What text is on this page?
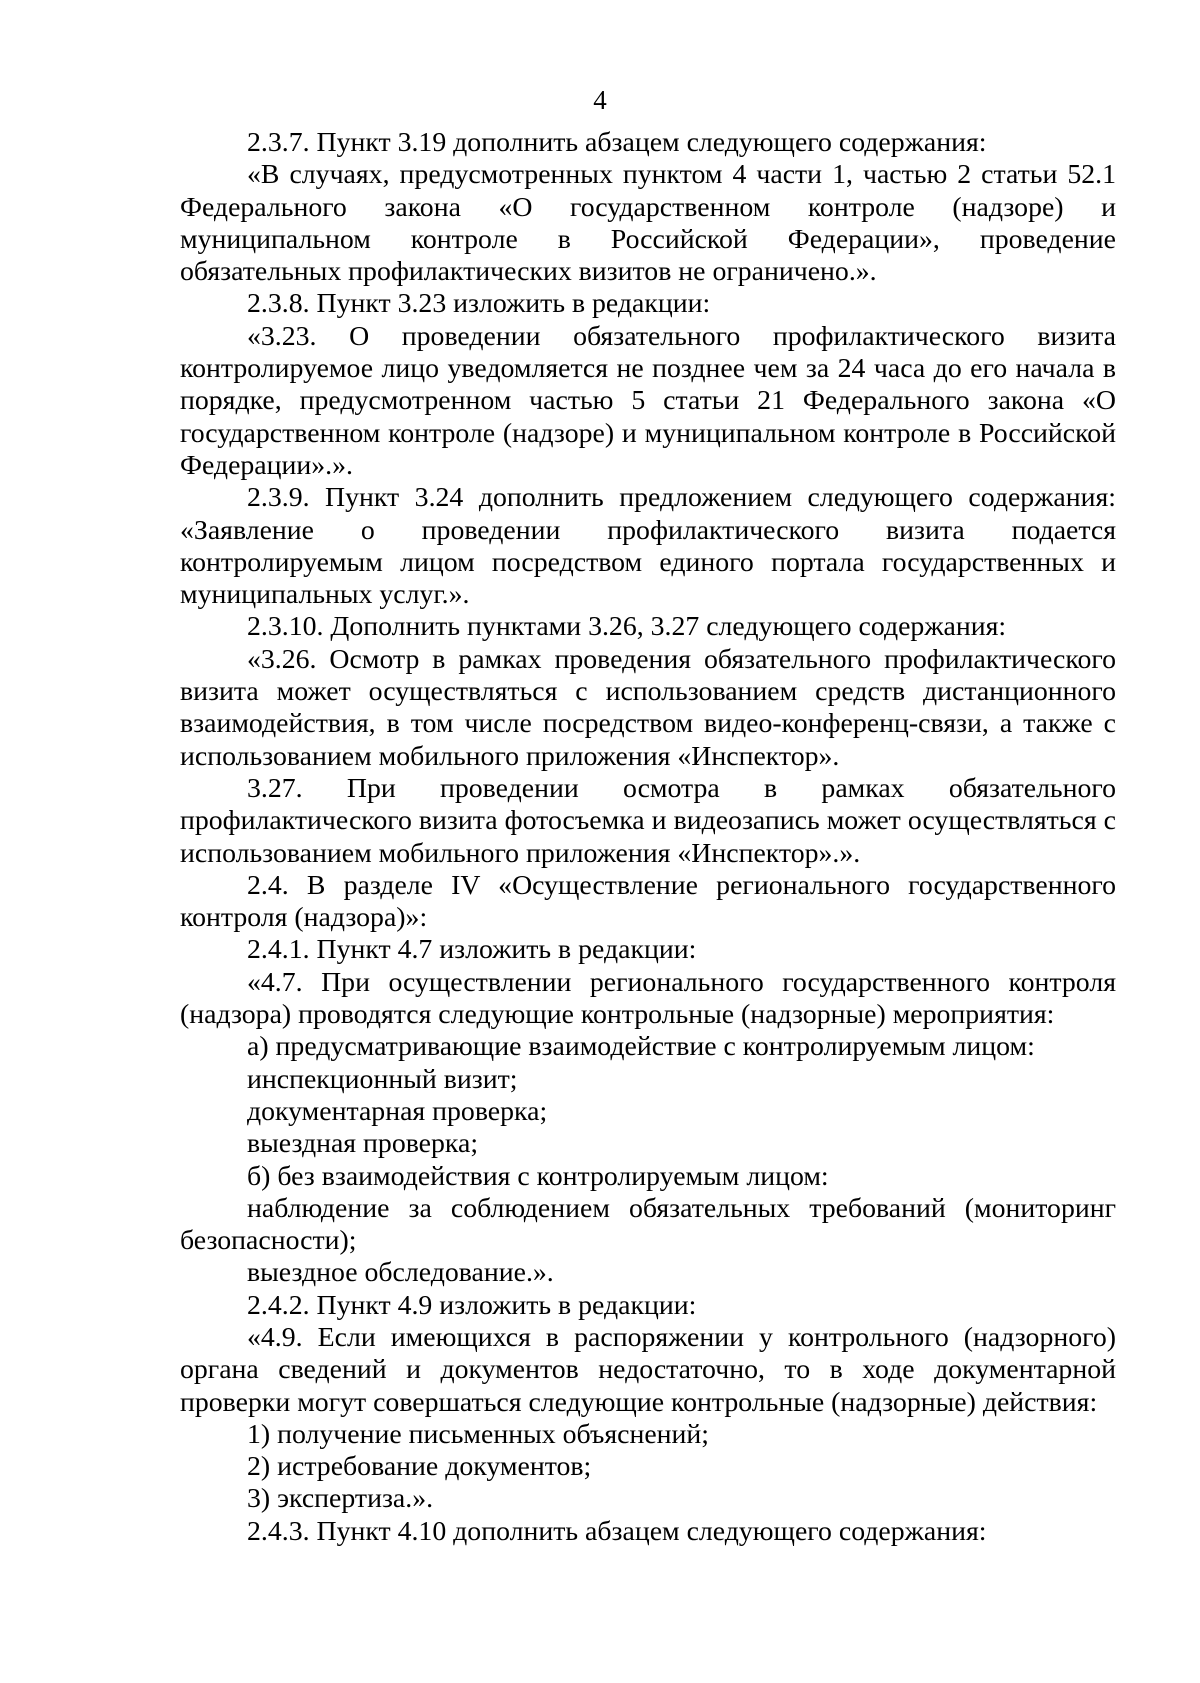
4

2.3.7. Пункт 3.19 дополнить абзацем следующего содержания:

«В случаях, предусмотренных пунктом 4 части 1, частью 2 статьи 52.1 Федерального закона «О государственном контроле (надзоре) и муниципальном контроле в Российской Федерации», проведение обязательных профилактических визитов не ограничено.».

2.3.8. Пункт 3.23 изложить в редакции:

«3.23. О проведении обязательного профилактического визита контролируемое лицо уведомляется не позднее чем за 24 часа до его начала в порядке, предусмотренном частью 5 статьи 21 Федерального закона «О государственном контроле (надзоре) и муниципальном контроле в Российской Федерации».».

2.3.9. Пункт 3.24 дополнить предложением следующего содержания: «Заявление о проведении профилактического визита подается контролируемым лицом посредством единого портала государственных и муниципальных услуг.».

2.3.10. Дополнить пунктами 3.26, 3.27 следующего содержания:

«3.26. Осмотр в рамках проведения обязательного профилактического визита может осуществляться с использованием средств дистанционного взаимодействия, в том числе посредством видео-конференц-связи, а также с использованием мобильного приложения «Инспектор».

3.27. При проведении осмотра в рамках обязательного профилактического визита фотосъемка и видеозапись может осуществляться с использованием мобильного приложения «Инспектор».».

2.4. В разделе IV «Осуществление регионального государственного контроля (надзора)»:

2.4.1. Пункт 4.7 изложить в редакции:

«4.7. При осуществлении регионального государственного контроля (надзора) проводятся следующие контрольные (надзорные) мероприятия:

а) предусматривающие взаимодействие с контролируемым лицом:

инспекционный визит;

документарная проверка;

выездная проверка;

б) без взаимодействия с контролируемым лицом:

наблюдение за соблюдением обязательных требований (мониторинг безопасности);

выездное обследование.».

2.4.2. Пункт 4.9 изложить в редакции:

«4.9. Если имеющихся в распоряжении у контрольного (надзорного) органа сведений и документов недостаточно, то в ходе документарной проверки могут совершаться следующие контрольные (надзорные) действия:

1) получение письменных объяснений;

2) истребование документов;

3) экспертиза.».

2.4.3. Пункт 4.10 дополнить абзацем следующего содержания:
